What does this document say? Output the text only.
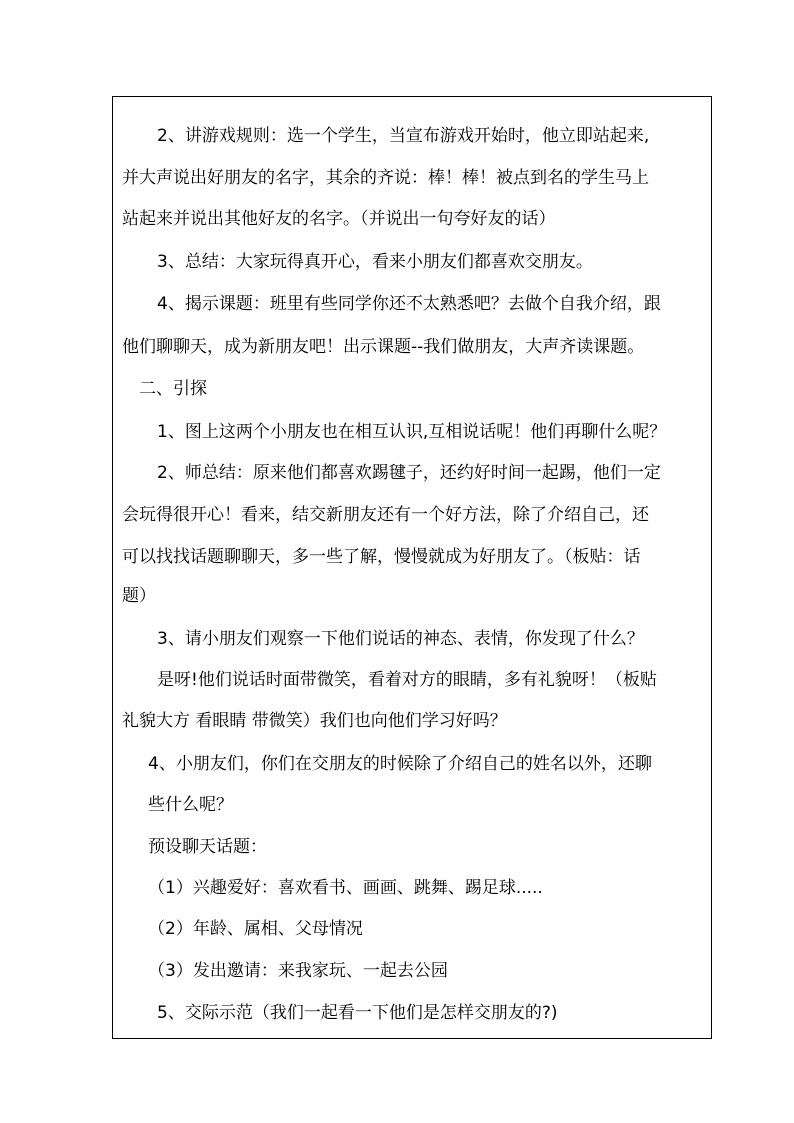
2、讲游戏规则：选一个学生，当宣布游戏开始时，他立即站起来,
并大声说出好朋友的名字，其余的齐说：棒！棒！被点到名的学生马上
站起来并说出其他好友的名字。（并说出一句夸好友的话）
3、总结：大家玩得真开心，看来小朋友们都喜欢交朋友。
4、揭示课题：班里有些同学你还不太熟悉吧？去做个自我介绍，跟
他们聊聊天，成为新朋友吧！出示课题--我们做朋友，大声齐读课题。
二、引探
1、图上这两个小朋友也在相互认识,互相说话呢！他们再聊什么呢？
2、师总结：原来他们都喜欢踢毽子，还约好时间一起踢，他们一定
会玩得很开心！看来，结交新朋友还有一个好方法，除了介绍自己，还
可以找找话题聊聊天，多一些了解，慢慢就成为好朋友了。（板贴：话
题）
3、请小朋友们观察一下他们说话的神态、表情，你发现了什么？
是呀!他们说话时面带微笑，看着对方的眼睛，多有礼貌呀！（板贴
礼貌大方 看眼睛 带微笑）我们也向他们学习好吗？
4、小朋友们，你们在交朋友的时候除了介绍自己的姓名以外，还聊
些什么呢？
预设聊天话题：
（1）兴趣爱好：喜欢看书、画画、跳舞、踢足球.....
（2）年龄、属相、父母情况
（3）发出邀请：来我家玩、一起去公园
5、交际示范（我们一起看一下他们是怎样交朋友的?)
